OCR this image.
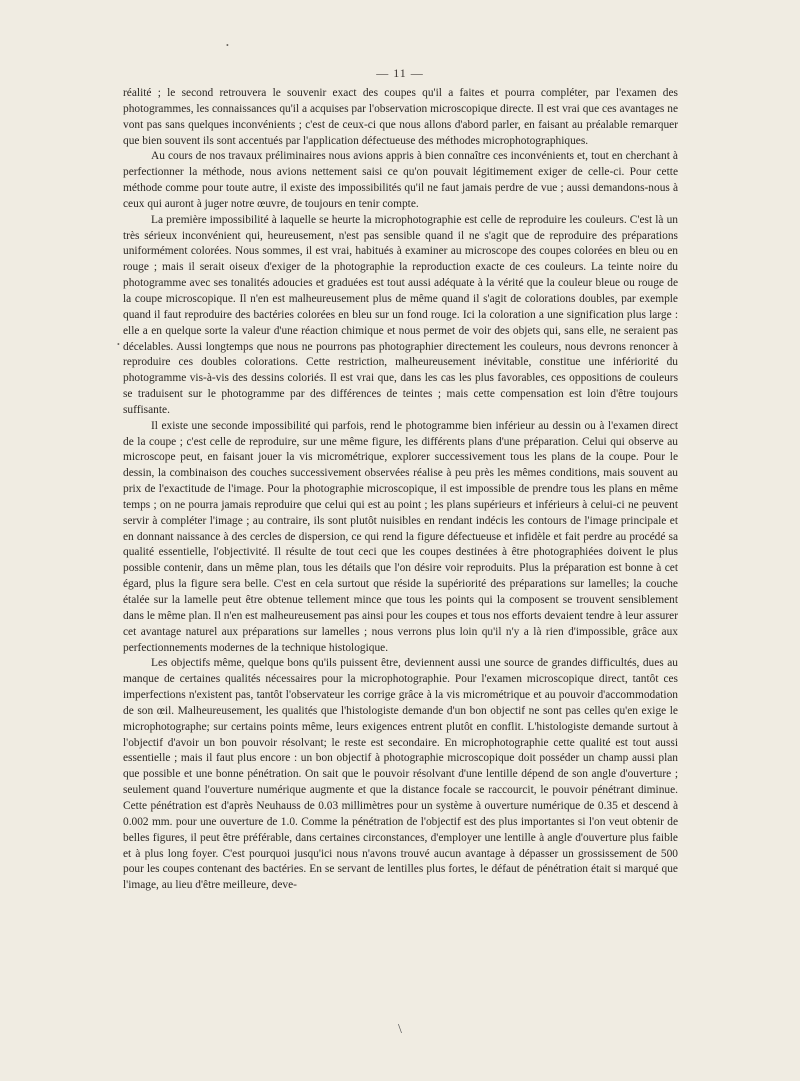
•
— 11 —
•

réalité ; le second retrouvera le souvenir exact des coupes qu'il a faites et pourra compléter, par l'examen des photogrammes, les connaissances qu'il a acquises par l'observation microscopique directe. Il est vrai que ces avantages ne vont pas sans quelques inconvénients ; c'est de ceux-ci que nous allons d'abord parler, en faisant au préalable remarquer que bien souvent ils sont accentués par l'application défectueuse des méthodes microphotographiques.

Au cours de nos travaux préliminaires nous avions appris à bien connaître ces inconvénients et, tout en cherchant à perfectionner la méthode, nous avions nettement saisi ce qu'on pouvait légitimement exiger de celle-ci. Pour cette méthode comme pour toute autre, il existe des impossibilités qu'il ne faut jamais perdre de vue ; aussi demandons-nous à ceux qui auront à juger notre œuvre, de toujours en tenir compte.

La première impossibilité à laquelle se heurte la microphotographie est celle de reproduire les couleurs. C'est là un très sérieux inconvénient qui, heureusement, n'est pas sensible quand il ne s'agit que de reproduire des préparations uniformément colorées. Nous sommes, il est vrai, habitués à examiner au microscope des coupes colorées en bleu ou en rouge ; mais il serait oiseux d'exiger de la photographie la reproduction exacte de ces couleurs. La teinte noire du photogramme avec ses tonalités adoucies et graduées est tout aussi adéquate à la vérité que la couleur bleue ou rouge de la coupe microscopique. Il n'en est malheureusement plus de même quand il s'agit de colorations doubles, par exemple quand il faut reproduire des bactéries colorées en bleu sur un fond rouge. Ici la coloration a une signification plus large : elle a en quelque sorte la valeur d'une réaction chimique et nous permet de voir des objets qui, sans elle, ne seraient pas décelables. Aussi longtemps que nous ne pourrons pas photographier directement les couleurs, nous devrons renoncer à reproduire ces doubles colorations. Cette restriction, malheureusement inévitable, constitue une infériorité du photogramme vis-à-vis des dessins coloriés. Il est vrai que, dans les cas les plus favorables, ces oppositions de couleurs se traduisent sur le photogramme par des différences de teintes ; mais cette compensation est loin d'être toujours suffisante.

Il existe une seconde impossibilité qui parfois, rend le photogramme bien inférieur au dessin ou à l'examen direct de la coupe ; c'est celle de reproduire, sur une même figure, les différents plans d'une préparation. Celui qui observe au microscope peut, en faisant jouer la vis micrométrique, explorer successivement tous les plans de la coupe. Pour le dessin, la combinaison des couches successivement observées réalise à peu près les mêmes conditions, mais souvent au prix de l'exactitude de l'image. Pour la photographie microscopique, il est impossible de prendre tous les plans en même temps ; on ne pourra jamais reproduire que celui qui est au point ; les plans supérieurs et inférieurs à celui-ci ne peuvent servir à compléter l'image ; au contraire, ils sont plutôt nuisibles en rendant indécis les contours de l'image principale et en donnant naissance à des cercles de dispersion, ce qui rend la figure défectueuse et infidèle et fait perdre au procédé sa qualité essentielle, l'objectivité. Il résulte de tout ceci que les coupes destinées à être photographiées doivent le plus possible contenir, dans un même plan, tous les détails que l'on désire voir reproduits. Plus la préparation est bonne à cet égard, plus la figure sera belle. C'est en cela surtout que réside la supériorité des préparations sur lamelles; la couche étalée sur la lamelle peut être obtenue tellement mince que tous les points qui la composent se trouvent sensiblement dans le même plan. Il n'en est malheureusement pas ainsi pour les coupes et tous nos efforts devaient tendre à leur assurer cet avantage naturel aux préparations sur lamelles ; nous verrons plus loin qu'il n'y a là rien d'impossible, grâce aux perfectionnements modernes de la technique histologique.

Les objectifs même, quelque bons qu'ils puissent être, deviennent aussi une source de grandes difficultés, dues au manque de certaines qualités nécessaires pour la microphotographie. Pour l'examen microscopique direct, tantôt ces imperfections n'existent pas, tantôt l'observateur les corrige grâce à la vis micrométrique et au pouvoir d'accommodation de son œil. Malheureusement, les qualités que l'histologiste demande d'un bon objectif ne sont pas celles qu'en exige le microphotographe; sur certains points même, leurs exigences entrent plutôt en conflit. L'histologiste demande surtout à l'objectif d'avoir un bon pouvoir résolvant; le reste est secondaire. En microphotographie cette qualité est tout aussi essentielle ; mais il faut plus encore : un bon objectif à photographie microscopique doit posséder un champ aussi plan que possible et une bonne pénétration. On sait que le pouvoir résolvant d'une lentille dépend de son angle d'ouverture ; seulement quand l'ouverture numérique augmente et que la distance focale se raccourcit, le pouvoir pénétrant diminue. Cette pénétration est d'après Neuhauss de 0.03 millimètres pour un système à ouverture numérique de 0.35 et descend à 0.002 mm. pour une ouverture de 1.0. Comme la pénétration de l'objectif est des plus importantes si l'on veut obtenir de belles figures, il peut être préférable, dans certaines circonstances, d'employer une lentille à angle d'ouverture plus faible et à plus long foyer. C'est pourquoi jusqu'ici nous n'avons trouvé aucun avantage à dépasser un grossissement de 500 pour les coupes contenant des bactéries. En se servant de lentilles plus fortes, le défaut de pénétration était si marqué que l'image, au lieu d'être meilleure, deve-

\
